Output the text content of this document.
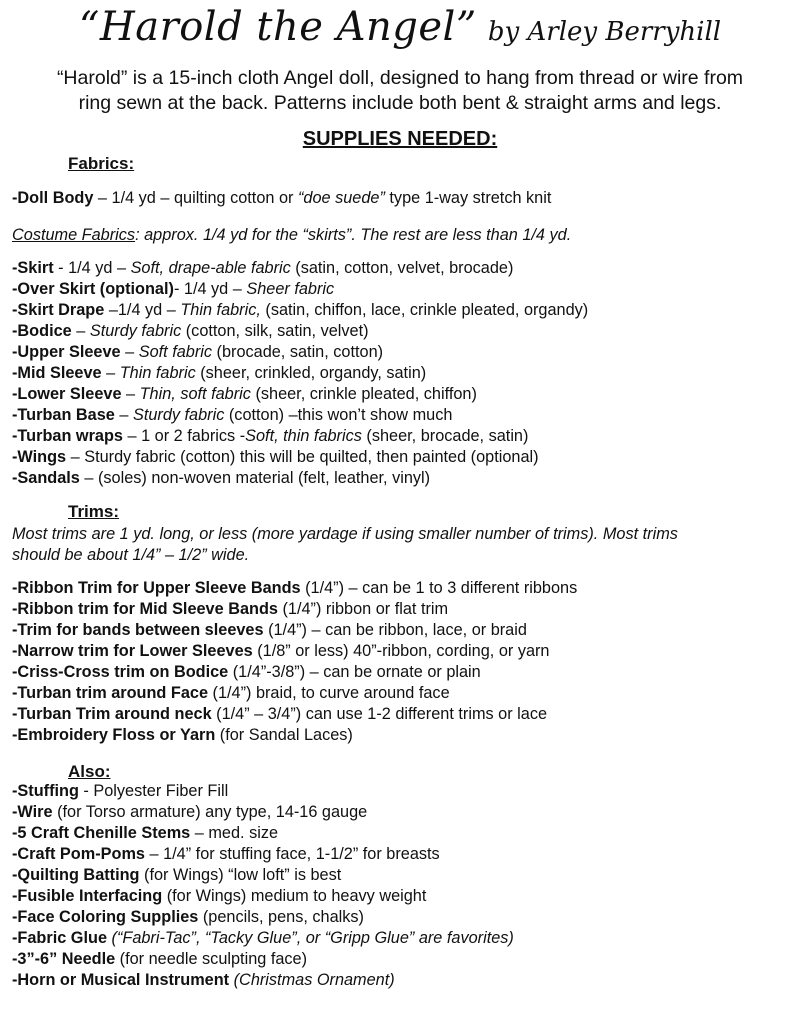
“Harold the Angel” by Arley Berryhill
“Harold” is a 15-inch cloth Angel doll, designed to hang from thread or wire from
ring sewn at the back. Patterns include both bent & straight arms and legs.
SUPPLIES NEEDED:
Fabrics:
-Doll Body – 1/4 yd – quilting cotton or “doe suede” type 1-way stretch knit
Costume Fabrics: approx. 1/4 yd for the “skirts”. The rest are less than 1/4 yd.
-Skirt - 1/4 yd – Soft, drape-able fabric (satin, cotton, velvet, brocade)
-Over Skirt (optional)- 1/4 yd – Sheer fabric
-Skirt Drape –1/4 yd – Thin fabric, (satin, chiffon, lace, crinkle pleated, organdy)
-Bodice – Sturdy fabric (cotton, silk, satin, velvet)
-Upper Sleeve – Soft fabric (brocade, satin, cotton)
-Mid Sleeve – Thin fabric (sheer, crinkled, organdy, satin)
-Lower Sleeve – Thin, soft fabric (sheer, crinkle pleated, chiffon)
-Turban Base – Sturdy fabric (cotton) –this won’t show much
-Turban wraps – 1 or 2 fabrics -Soft, thin fabrics (sheer, brocade, satin)
-Wings – Sturdy fabric (cotton) this will be quilted, then painted (optional)
-Sandals – (soles) non-woven material (felt, leather, vinyl)
Trims:
Most trims are 1 yd. long, or less (more yardage if using smaller number of trims). Most trims
should be about 1/4” – 1/2” wide.
-Ribbon Trim for Upper Sleeve Bands (1/4”) – can be 1 to 3 different ribbons
-Ribbon trim for Mid Sleeve Bands (1/4”) ribbon or flat trim
-Trim for bands between sleeves (1/4”) – can be ribbon, lace, or braid
-Narrow trim for Lower Sleeves (1/8” or less) 40”-ribbon, cording, or yarn
-Criss-Cross trim on Bodice (1/4”-3/8”) – can be ornate or plain
-Turban trim around Face (1/4”) braid, to curve around face
-Turban Trim around neck (1/4” – 3/4”) can use 1-2 different trims or lace
-Embroidery Floss or Yarn (for Sandal Laces)
Also:
-Stuffing - Polyester Fiber Fill
-Wire (for Torso armature) any type, 14-16 gauge
-5 Craft Chenille Stems – med. size
-Craft Pom-Poms – 1/4” for stuffing face, 1-1/2” for breasts
-Quilting Batting (for Wings) “low loft” is best
-Fusible Interfacing (for Wings) medium to heavy weight
-Face Coloring Supplies (pencils, pens, chalks)
-Fabric Glue (“Fabri-Tac”, “Tacky Glue”, or “Gripp Glue” are favorites)
-3”-6” Needle (for needle sculpting face)
-Horn or Musical Instrument (Christmas Ornament)
